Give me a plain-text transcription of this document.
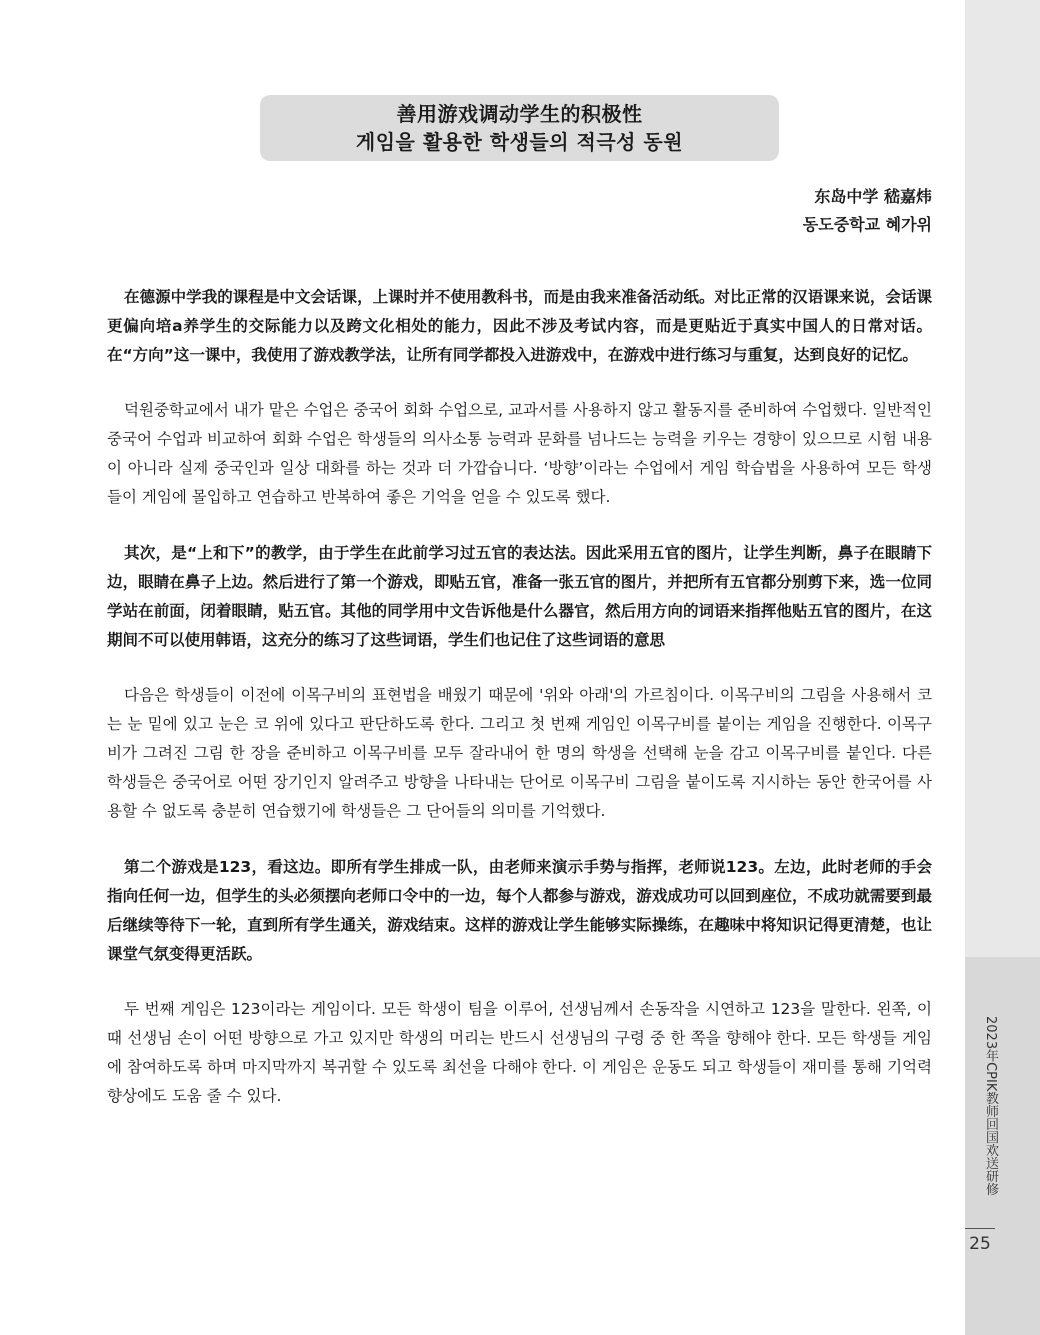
善用游戏调动学生的积极性
게임을 활용한 학생들의 적극성 동원
东岛中学 嵇嘉炜
동도중학교 혜가위

在德源中学我的课程是中文会话课，上课时并不使用教科书，而是由我来准备活动纸。对比正常的汉语课来说，会话课更偏向培a养学生的交际能力以及跨文化相处的能力，因此不涉及考试内容，而是更贴近于真实中国人的日常对话。在“方向”这一课中，我使用了游戏教学法，让所有同学都投入进游戏中，在游戏中进行练习与重复，达到良好的记忆。

덕원중학교에서 내가 맡은 수업은 중국어 회화 수업으로, 교과서를 사용하지 않고 활동지를 준비하여 수업했다. 일반적인 중국어 수업과 비교하여 회화 수업은 학생들의 의사소통 능력과 문화를 넘나드는 능력을 키우는 경향이 있으므로 시험 내용이 아니라 실제 중국인과 일상 대화를 하는 것과 더 가깝습니다. ‘방향’이라는 수업에서 게임 학습법을 사용하여 모든 학생들이 게임에 몰입하고 연습하고 반복하여 좋은 기억을 얻을 수 있도록 했다.

其次，是“上和下”的教学，由于学生在此前学习过五官的表达法。因此采用五官的图片，让学生判断，鼻子在眼睛下边，眼睛在鼻子上边。然后进行了第一个游戏，即贴五官，准备一张五官的图片，并把所有五官都分别剪下来，选一位同学站在前面，闭着眼睛，贴五官。其他的同学用中文告诉他是什么器官，然后用方向的词语来指挥他贴五官的图片，在这期间不可以使用韩语，这充分的练习了这些词语，学生们也记住了这些词语的意思

다음은 학생들이 이전에 이목구비의 표현법을 배웠기 때문에 '위와 아래'의 가르침이다. 이목구비의 그림을 사용해서 코는 눈 밑에 있고 눈은 코 위에 있다고 판단하도록 한다. 그리고 첫 번째 게임인 이목구비를 붙이는 게임을 진행한다. 이목구비가 그려진 그림 한 장을 준비하고 이목구비를 모두 잘라내어 한 명의 학생을 선택해 눈을 감고 이목구비를 붙인다. 다른 학생들은 중국어로 어떤 장기인지 알려주고 방향을 나타내는 단어로 이목구비 그림을 붙이도록 지시하는 동안 한국어를 사용할 수 없도록 충분히 연습했기에 학생들은 그 단어들의 의미를 기억했다.

第二个游戏是123，看这边。即所有学生排成一队，由老师来演示手势与指挥，老师说123。左边，此时老师的手会指向任何一边，但学生的头必须摆向老师口令中的一边，每个人都参与游戏，游戏成功可以回到座位，不成功就需要到最后继续等待下一轮，直到所有学生通关，游戏结束。这样的游戏让学生能够实际操练，在趣味中将知识记得更清楚，也让课堂气氛变得更活跃。

두 번째 게임은 123이라는 게임이다. 모든 학생이 팀을 이루어, 선생님께서 손동작을 시연하고 123을 말한다. 왼쪽, 이때 선생님 손이 어떤 방향으로 가고 있지만 학생의 머리는 반드시 선생님의 구령 중 한 쪽을 향해야 한다. 모든 학생들 게임에 참여하도록 하며 마지막까지 복귀할 수 있도록 최선을 다해야 한다. 이 게임은 운동도 되고 학생들이 재미를 통해 기억력 향상에도 도움 줄 수 있다.	2023年CPIK教师回国欢送研修
25
